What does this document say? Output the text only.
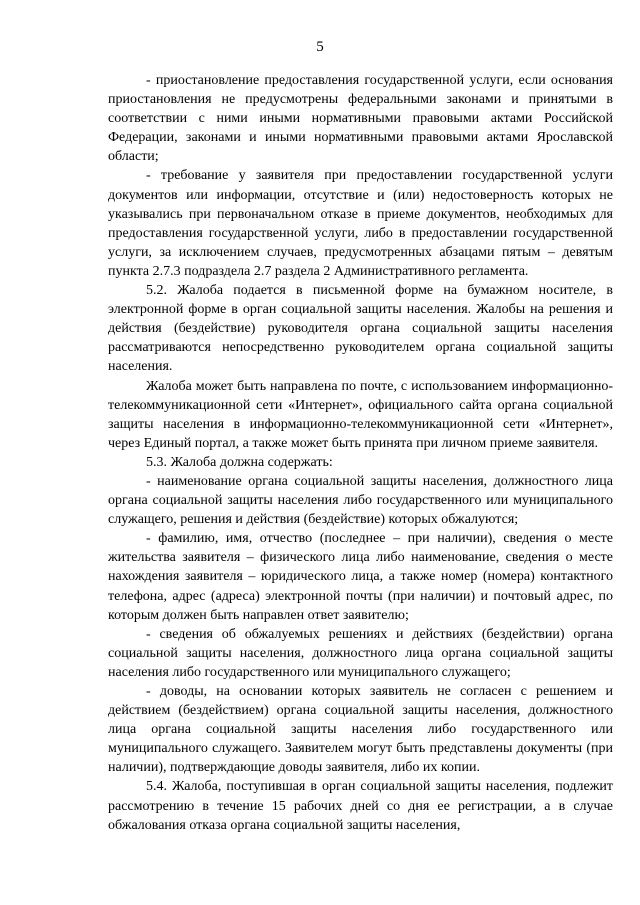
5

- приостановление предоставления государственной услуги, если основания приостановления не предусмотрены федеральными законами и принятыми в соответствии с ними иными нормативными правовыми актами Российской Федерации, законами и иными нормативными правовыми актами Ярославской области;

- требование у заявителя при предоставлении государственной услуги документов или информации, отсутствие и (или) недостоверность которых не указывались при первоначальном отказе в приеме документов, необходимых для предоставления государственной услуги, либо в предоставлении государственной услуги, за исключением случаев, предусмотренных абзацами пятым – девятым пункта 2.7.3 подраздела 2.7 раздела 2 Административного регламента.

5.2. Жалоба подается в письменной форме на бумажном носителе, в электронной форме в орган социальной защиты населения. Жалобы на решения и действия (бездействие) руководителя органа социальной защиты населения рассматриваются непосредственно руководителем органа социальной защиты населения.

Жалоба может быть направлена по почте, с использованием информационно-телекоммуникационной сети «Интернет», официального сайта органа социальной защиты населения в информационно-телекоммуникационной сети «Интернет», через Единый портал, а также может быть принята при личном приеме заявителя.

5.3. Жалоба должна содержать:

- наименование органа социальной защиты населения, должностного лица органа социальной защиты населения либо государственного или муниципального служащего, решения и действия (бездействие) которых обжалуются;

- фамилию, имя, отчество (последнее – при наличии), сведения о месте жительства заявителя – физического лица либо наименование, сведения о месте нахождения заявителя – юридического лица, а также номер (номера) контактного телефона, адрес (адреса) электронной почты (при наличии) и почтовый адрес, по которым должен быть направлен ответ заявителю;

- сведения об обжалуемых решениях и действиях (бездействии) органа социальной защиты населения, должностного лица органа социальной защиты населения либо государственного или муниципального служащего;

- доводы, на основании которых заявитель не согласен с решением и действием (бездействием) органа социальной защиты населения, должностного лица органа социальной защиты населения либо государственного или муниципального служащего. Заявителем могут быть представлены документы (при наличии), подтверждающие доводы заявителя, либо их копии.

5.4. Жалоба, поступившая в орган социальной защиты населения, подлежит рассмотрению в течение 15 рабочих дней со дня ее регистрации, а в случае обжалования отказа органа социальной защиты населения,
